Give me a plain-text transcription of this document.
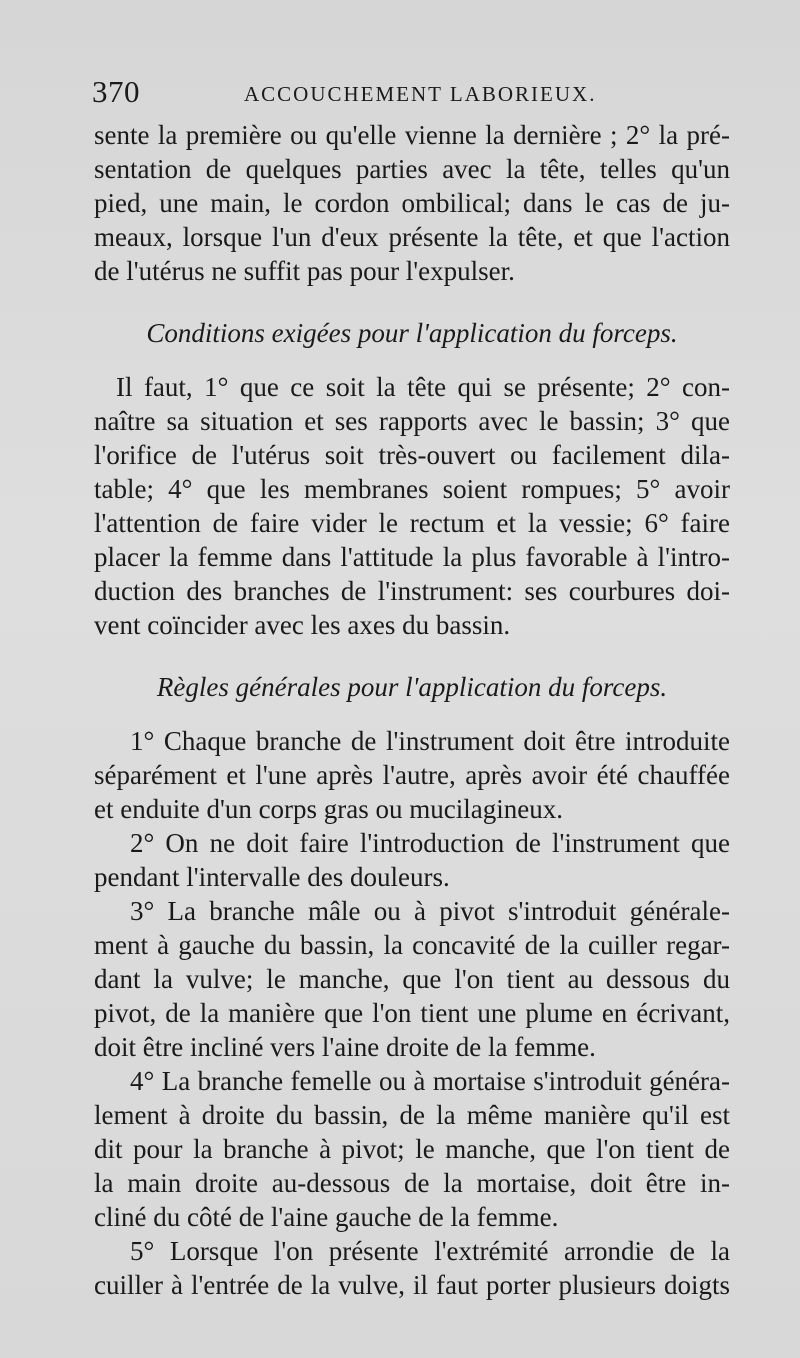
370	ACCOUCHEMENT LABORIEUX.
sente la première ou qu'elle vienne la dernière ; 2° la pré-
sentation de quelques parties avec la tête, telles qu'un
pied, une main, le cordon ombilical; dans le cas de ju-
meaux, lorsque l'un d'eux présente la tête, et que l'action
de l'utérus ne suffit pas pour l'expulser.
Conditions exigées pour l'application du forceps.
Il faut, 1° que ce soit la tête qui se présente; 2° con-
naître sa situation et ses rapports avec le bassin; 3° que
l'orifice de l'utérus soit très-ouvert ou facilement dila-
table; 4° que les membranes soient rompues; 5° avoir
l'attention de faire vider le rectum et la vessie; 6° faire
placer la femme dans l'attitude la plus favorable à l'intro-
duction des branches de l'instrument: ses courbures doi-
vent coïncider avec les axes du bassin.
Règles générales pour l'application du forceps.
1° Chaque branche de l'instrument doit être introduite
séparément et l'une après l'autre, après avoir été chauffée
et enduite d'un corps gras ou mucilagineux.
2° On ne doit faire l'introduction de l'instrument que
pendant l'intervalle des douleurs.
3° La branche mâle ou à pivot s'introduit générale-
ment à gauche du bassin, la concavité de la cuiller regar-
dant la vulve; le manche, que l'on tient au dessous du
pivot, de la manière que l'on tient une plume en écrivant,
doit être incliné vers l'aine droite de la femme.
4° La branche femelle ou à mortaise s'introduit généra-
lement à droite du bassin, de la même manière qu'il est
dit pour la branche à pivot; le manche, que l'on tient de
la main droite au-dessous de la mortaise, doit être in-
cliné du côté de l'aine gauche de la femme.
5° Lorsque l'on présente l'extrémité arrondie de la
cuiller à l'entrée de la vulve, il faut porter plusieurs doigts
